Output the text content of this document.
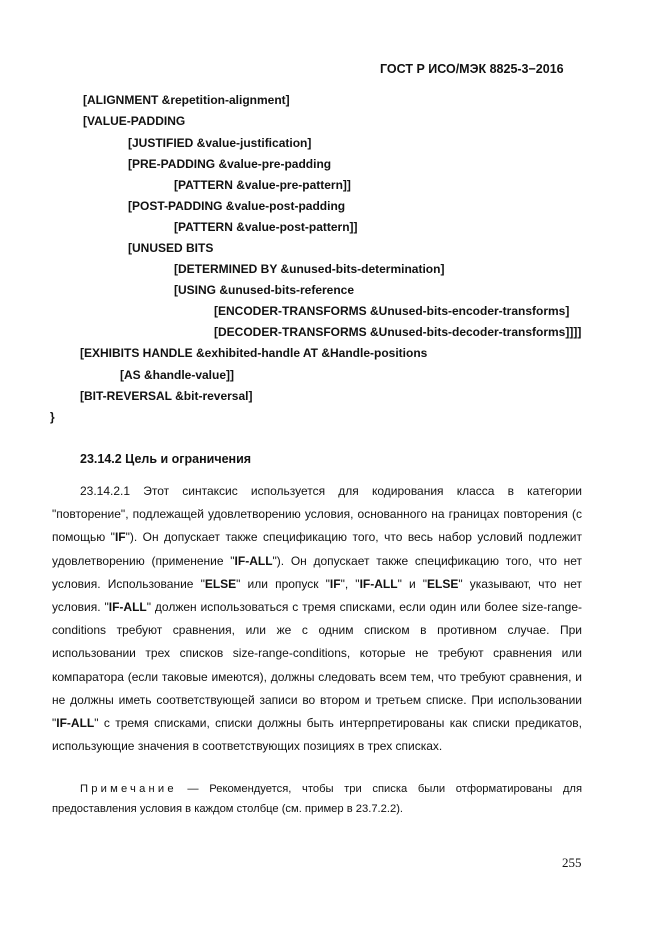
ГОСТ Р ИСО/МЭК 8825-3−2016
[ALIGNMENT &repetition-alignment]
[VALUE-PADDING
[JUSTIFIED &value-justification]
[PRE-PADDING &value-pre-padding
[PATTERN &value-pre-pattern]]
[POST-PADDING &value-post-padding
[PATTERN &value-post-pattern]]
[UNUSED BITS
[DETERMINED BY &unused-bits-determination]
[USING &unused-bits-reference
[ENCODER-TRANSFORMS &Unused-bits-encoder-transforms]
[DECODER-TRANSFORMS &Unused-bits-decoder-transforms]]]]
[EXHIBITS HANDLE &exhibited-handle AT &Handle-positions
[AS &handle-value]]
[BIT-REVERSAL &bit-reversal]
}
23.14.2 Цель и ограничения

23.14.2.1 Этот синтаксис используется для кодирования класса в категории "повторение", подлежащей удовлетворению условия, основанного на границах повторения (с помощью "IF"). Он допускает также спецификацию того, что весь набор условий подлежит удовлетворению (применение "IF-ALL"). Он допускает также спецификацию того, что нет условия. Использование "ELSE" или пропуск "IF", "IF-ALL" и "ELSE" указывают, что нет условия. "IF-ALL" должен использоваться с тремя списками, если один или более size-range-conditions требуют сравнения, или же с одним списком в противном случае. При использовании трех списков size-range-conditions, которые не требуют сравнения или компаратора (если таковые имеются), должны следовать всем тем, что требуют сравнения, и не должны иметь соответствующей записи во втором и третьем списке. При использовании "IF-ALL" с тремя списками, списки должны быть интерпретированы как списки предикатов, использующие значения в соответствующих позициях в трех списках.

Примечание — Рекомендуется, чтобы три списка были отформатированы для предоставления условия в каждом столбце (см. пример в 23.7.2.2).

255
